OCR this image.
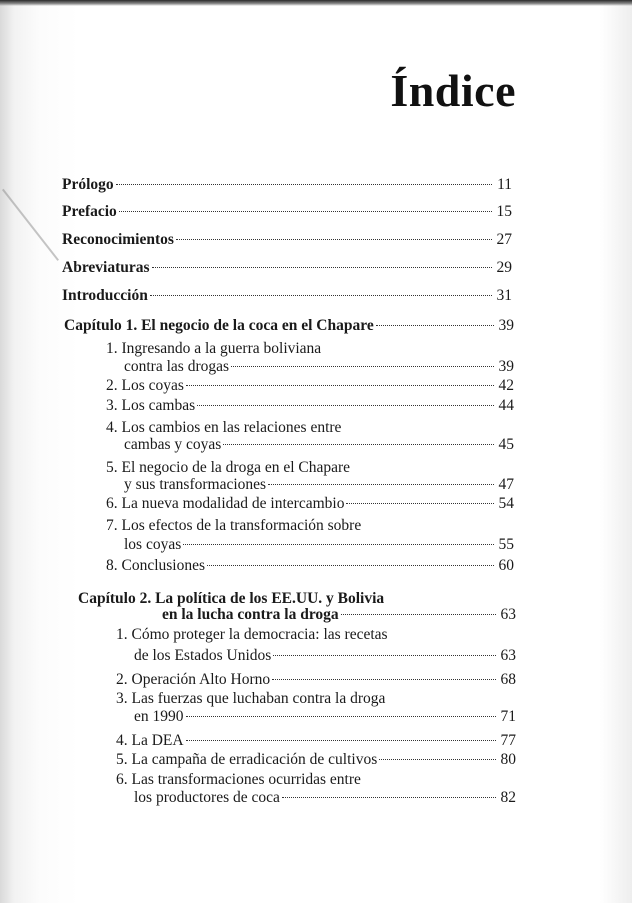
Índice
Prólogo	11
Prefacio	15
Reconocimientos	27
Abreviaturas	29
Introducción	31
Capítulo 1. El negocio de la coca en el Chapare	39
1. Ingresando a la guerra boliviana
contra las drogas	39
2. Los coyas	42
3. Los cambas	44
4. Los cambios en las relaciones entre
cambas y coyas	45
5. El negocio de la droga en el Chapare
y sus transformaciones	47
6. La nueva modalidad de intercambio	54
7. Los efectos de la transformación sobre
los coyas	55
8. Conclusiones	60
Capítulo 2. La política de los EE.UU. y Bolivia
en la lucha contra la droga	63
1. Cómo proteger la democracia: las recetas
de los Estados Unidos	63
2. Operación Alto Horno	68
3. Las fuerzas que luchaban contra la droga
en 1990	71
4. La DEA	77
5. La campaña de erradicación de cultivos	80
6. Las transformaciones ocurridas entre
los productores de coca	82
